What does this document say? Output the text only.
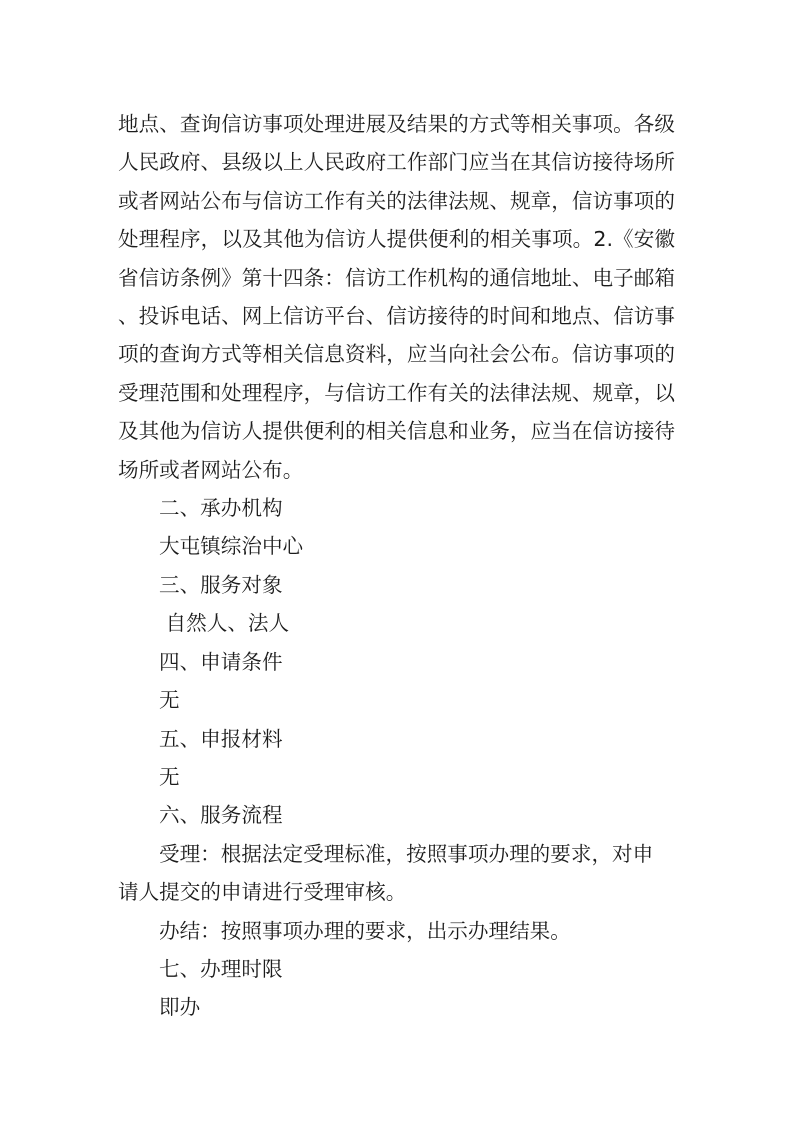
地点、查询信访事项处理进展及结果的方式等相关事项。各级
人民政府、县级以上人民政府工作部门应当在其信访接待场所
或者网站公布与信访工作有关的法律法规、规章，信访事项的
处理程序，以及其他为信访人提供便利的相关事项。2.《安徽
省信访条例》第十四条：信访工作机构的通信地址、电子邮箱
、投诉电话、网上信访平台、信访接待的时间和地点、信访事
项的查询方式等相关信息资料，应当向社会公布。信访事项的
受理范围和处理程序，与信访工作有关的法律法规、规章，以
及其他为信访人提供便利的相关信息和业务，应当在信访接待
场所或者网站公布。
二、承办机构
大屯镇综治中心
三、服务对象
自然人、法人
四、申请条件
无
五、申报材料
无
六、服务流程
受理：根据法定受理标准，按照事项办理的要求，对申
请人提交的申请进行受理审核。
办结：按照事项办理的要求，出示办理结果。
七、办理时限
即办
